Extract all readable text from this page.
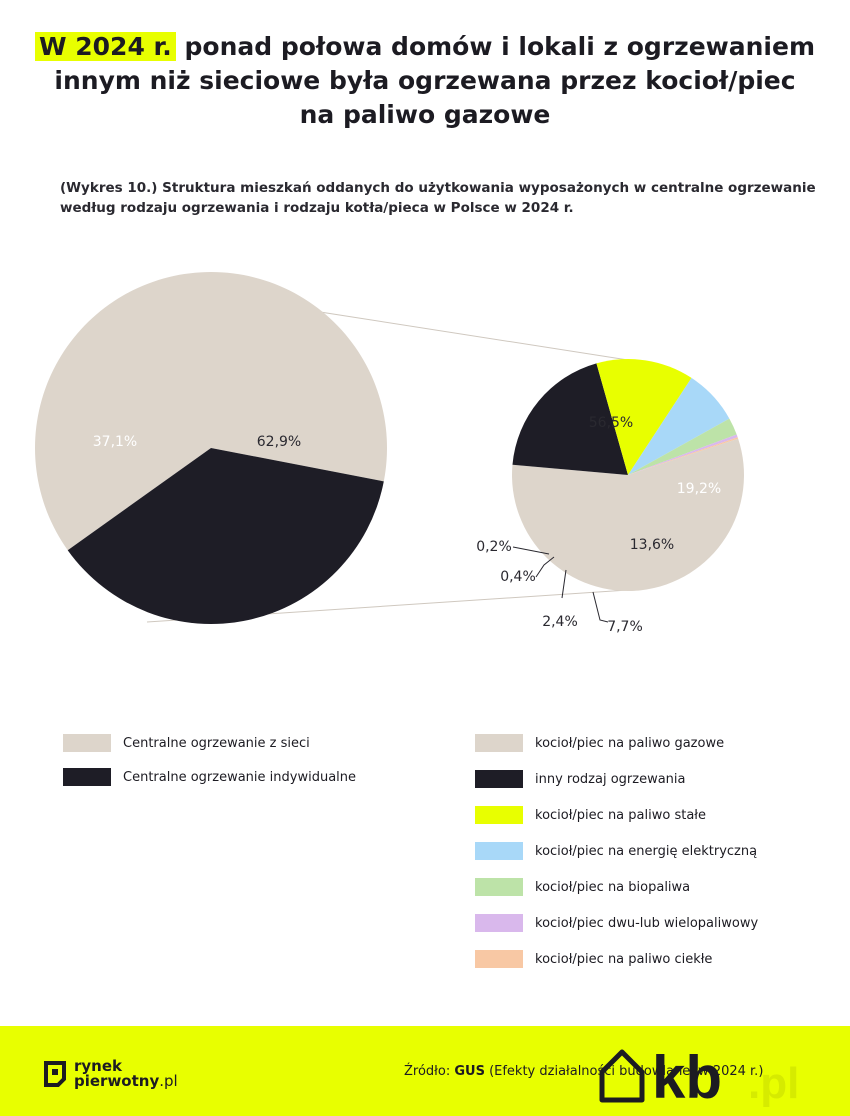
W 2024 r. ponad połowa domów i lokali z ogrzewaniem
innym niż sieciowe była ogrzewana przez kocioł/piec
na paliwo gazowe
(Wykres 10.) Struktura mieszkań oddanych do użytkowania wyposażonych w centralne ogrzewanie
według rodzaju ogrzewania i rodzaju kotła/pieca w Polsce w 2024 r.
62,9%
37,1%
56,5%
19,2%
13,6%
7,7%
2,4%
0,4%
0,2%
Centralne ogrzewanie z sieci
Centralne ogrzewanie indywidualne
kocioł/piec na paliwo gazowe
inny rodzaj ogrzewania
kocioł/piec na paliwo stałe
kocioł/piec na energię elektryczną
kocioł/piec na biopaliwa
kocioł/piec dwu-lub wielopaliwowy
kocioł/piec na paliwo ciekłe
rynek
pierwotny.pl
Źródło: GUS (Efekty działalności budowlanej w 2024 r.)
kb .pl
